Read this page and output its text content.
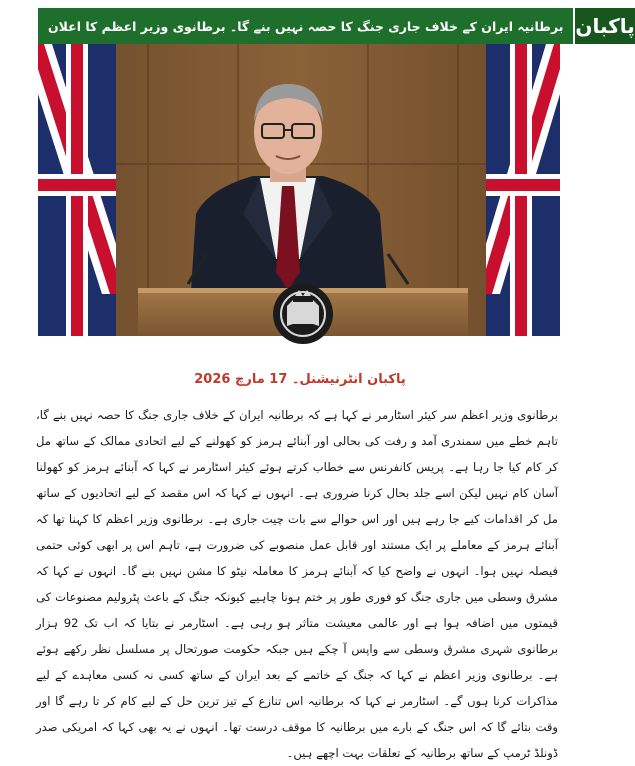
برطانیہ ایران کے خلاف جاری جنگ کا حصہ نہیں بنے گا۔ برطانوی وزیر اعظم کا اعلان پاکبان
پاکبان انٹرنیشنل۔ 17 مارچ 2026
برطانوی وزیر اعظم سر کیئر اسٹارمر نے کہا ہے کہ برطانیہ ایران کے خلاف جاری جنگ کا حصہ نہیں بنے گا، تاہم خطے میں سمندری آمد و رفت کی بحالی اور آبنائے ہرمز کو کھولنے کے لیے اتحادی ممالک کے ساتھ مل کر کام کیا جا رہا ہے۔ پریس کانفرنس سے خطاب کرتے ہوئے کیئر اسٹارمر نے کہا کہ آبنائے ہرمز کو کھولنا آسان کام نہیں لیکن اسے جلد بحال کرنا ضروری ہے۔ انہوں نے کہا کہ اس مقصد کے لیے اتحادیوں کے ساتھ مل کر اقدامات کیے جا رہے ہیں اور اس حوالے سے بات چیت جاری ہے۔ برطانوی وزیر اعظم کا کہنا تھا کہ آبنائے ہرمز کے معاملے پر ایک مستند اور قابل عمل منصوبے کی ضرورت ہے، تاہم اس پر ابھی کوئی حتمی فیصلہ نہیں ہوا۔ انہوں نے واضح کیا کہ آبنائے ہرمز کا معاملہ نیٹو کا مشن نہیں بنے گا۔ انہوں نے کہا کہ مشرق وسطی میں جاری جنگ کو فوری طور پر ختم ہونا چاہیے کیونکہ جنگ کے باعث پٹرولیم مصنوعات کی قیمتوں میں اضافہ ہوا ہے اور عالمی معیشت متاثر ہو رہی ہے۔ اسٹارمر نے بتایا کہ اب تک 92 ہزار برطانوی شہری مشرق وسطی سے واپس آ چکے ہیں جبکہ حکومت صورتحال پر مسلسل نظر رکھے ہوئے ہے۔ برطانوی وزیر اعظم نے کہا کہ جنگ کے خاتمے کے بعد ایران کے ساتھ کسی نہ کسی معاہدے کے لیے مذاکرات کرنا ہوں گے۔ اسٹارمر نے کہا کہ برطانیہ اس تنازع کے تیز ترین حل کے لیے کام کر تا رہے گا اور وقت بتائے گا کہ اس جنگ کے بارے میں برطانیہ کا موقف درست تھا۔ انہوں نے یہ بھی کہا کہ امریکی صدر ڈونلڈ ٹرمپ کے ساتھ برطانیہ کے تعلقات بہت اچھے ہیں۔
